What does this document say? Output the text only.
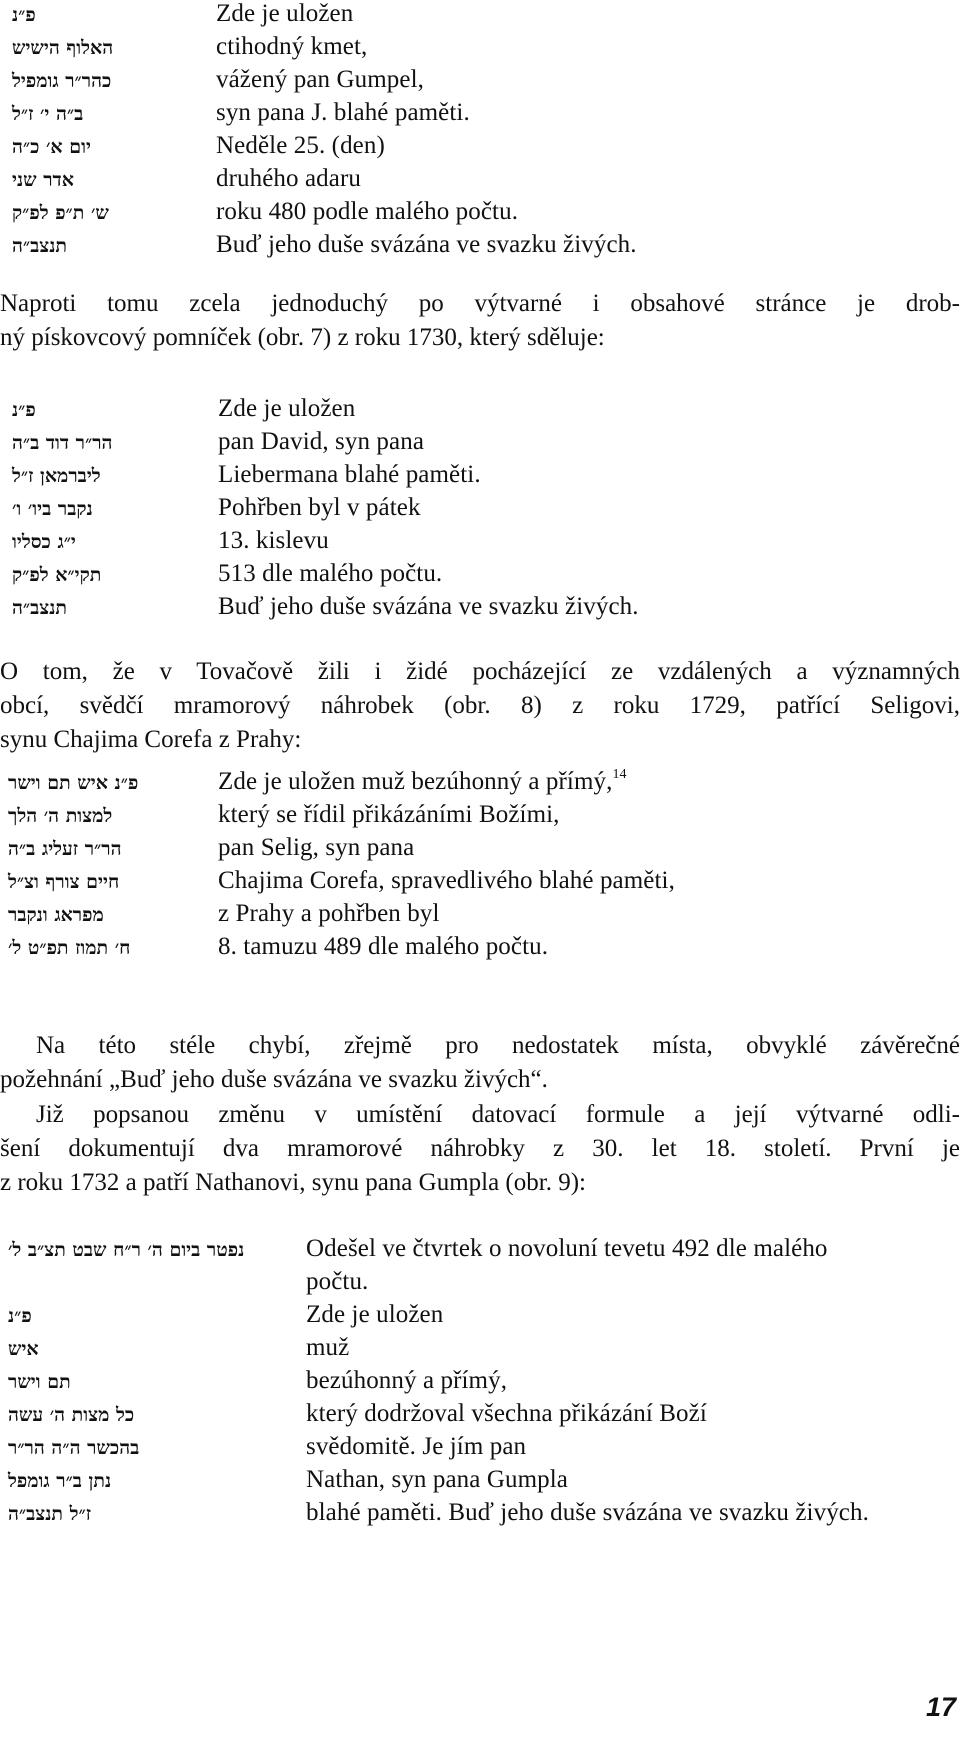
פ״נ	Zde je uložen
האלוף הישיש	ctihodný kmet,
כהר״ר גומפיל	vážený pan Gumpel,
ב״ה י׳ ז״ל	syn pana J. blahé paměti.
יום א׳ כ״ה	Neděle 25. (den)
אדר שני	druhého adaru
ש׳ ת״פ לפ״ק	roku 480 podle malého počtu.
תנצב״ה	Buď jeho duše svázána ve svazku živých.
Naproti tomu zcela jednoduchý po výtvarné i obsahové stránce je drob-
ný pískovcový pomníček (obr. 7) z roku 1730, který sděluje:
פ״נ	Zde je uložen
הר״ר דוד ב״ה	pan David, syn pana
ליברמאן ז״ל	Liebermana blahé paměti.
נקבר ביו׳ ו׳	Pohřben byl v pátek
י״ג כסליו	13. kislevu
תקי״א לפ״ק	513 dle malého počtu.
תנצב״ה	Buď jeho duše svázána ve svazku živých.
O tom, že v Tovačově žili i židé pocházející ze vzdálených a významných
obcí, svědčí mramorový náhrobek (obr. 8) z roku 1729, patřící Seligovi,
synu Chajima Corefa z Prahy:
פ״נ איש תם וישר	Zde je uložen muž bezúhonný a přímý,$^{14}$
למצות ה׳ הלך	který se řídil přikázáními Božími,
הר״ר זעליג ב״ה	pan Selig, syn pana
חיים צורף וצ״ל	Chajima Corefa, spravedlivého blahé paměti,
מפראג ונקבר	z Prahy a pohřben byl
ח׳ תמוז תפ״ט ל׳	8. tamuzu 489 dle malého počtu.
Na této stéle chybí, zřejmě pro nedostatek místa, obvyklé závěrečné
požehnání „Buď jeho duše svázána ve svazku živých“.
Již popsanou změnu v umístění datovací formule a její výtvarné odli-
šení dokumentují dva mramorové náhrobky z 30. let 18. století. První je
z roku 1732 a patří Nathanovi, synu pana Gumpla (obr. 9):
נפטר ביום ה׳ ר״ח שבט תצ״ב ל׳	Odešel ve čtvrtek o novoluní tevetu 492 dle malého
počtu.
פ״נ	Zde je uložen
איש	muž
תם וישר	bezúhonný a přímý,
כל מצות ה׳ עשה	který dodržoval všechna přikázání Boží
בהכשר ה״ה הר״ר	svědomitě. Je jím pan
נתן ב״ר גומפל	Nathan, syn pana Gumpla
ז״ל תנצב״ה	blahé paměti. Buď jeho duše svázána ve svazku živých.
17
